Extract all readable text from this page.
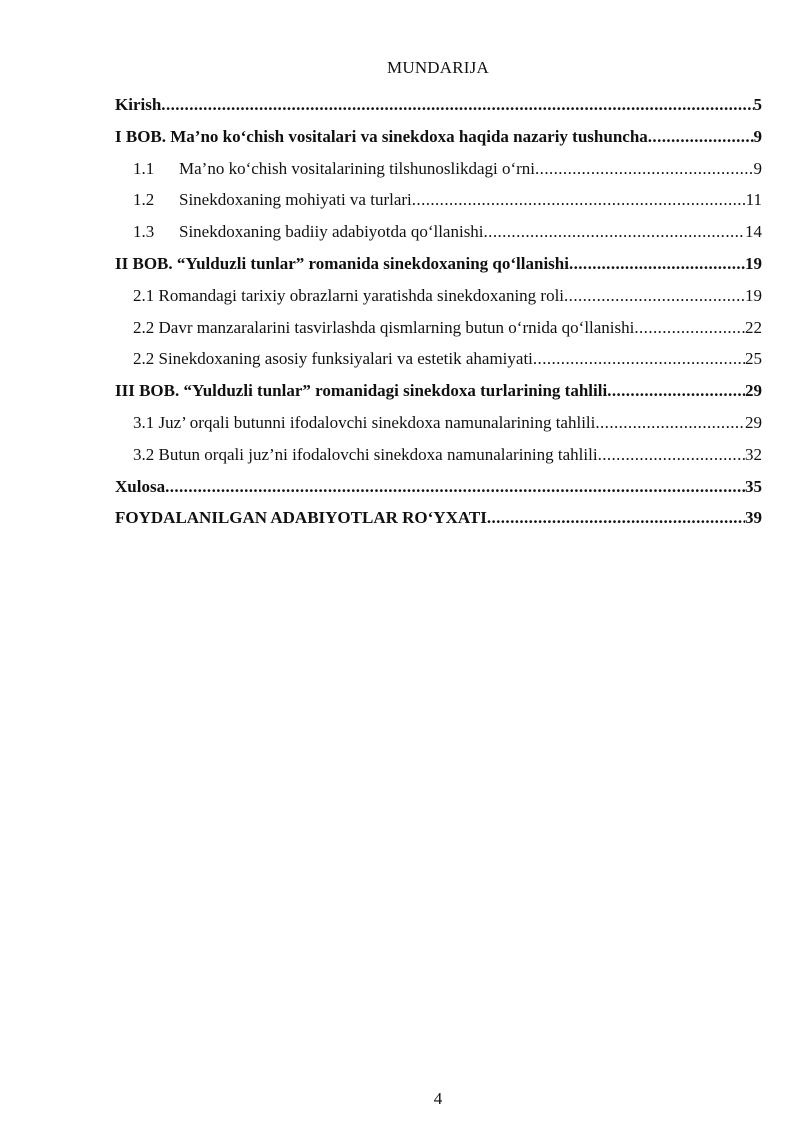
MUNDARIJA
Kirish .....	5
I BOB. Ma’no ko‘chish vositalari va sinekdoxa haqida nazariy tushuncha .....	9
1.1	Ma’no ko‘chish vositalarining tilshunoslikdagi o‘rni .....	9
1.2	Sinekdoxaning mohiyati va turlari .....	11
1.3	Sinekdoxaning badiiy adabiyotda qo‘llanishi .....	14
II BOB. “Yulduzli tunlar” romanida sinekdoxaning qo‘llanishi .....	19
2.1 Romandagi tarixiy obrazlarni yaratishda sinekdoxaning roli .....	19
2.2 Davr manzaralarini tasvirlashda qismlarning butun o‘rnida qo‘llanishi .....	22
2.2 Sinekdoxaning asosiy funksiyalari va estetik ahamiyati .....	25
III BOB. “Yulduzli tunlar” romanidagi sinekdoxa turlarining tahlili .....	29
3.1 Juz’ orqali butunni ifodalovchi sinekdoxa namunalarining tahlili .....	29
3.2 Butun orqali juz’ni ifodalovchi sinekdoxa namunalarining tahlili .....	32
Xulosa .....	35
FOYDALANILGAN ADABIYOTLAR RO‘YXATI .....	39
4
